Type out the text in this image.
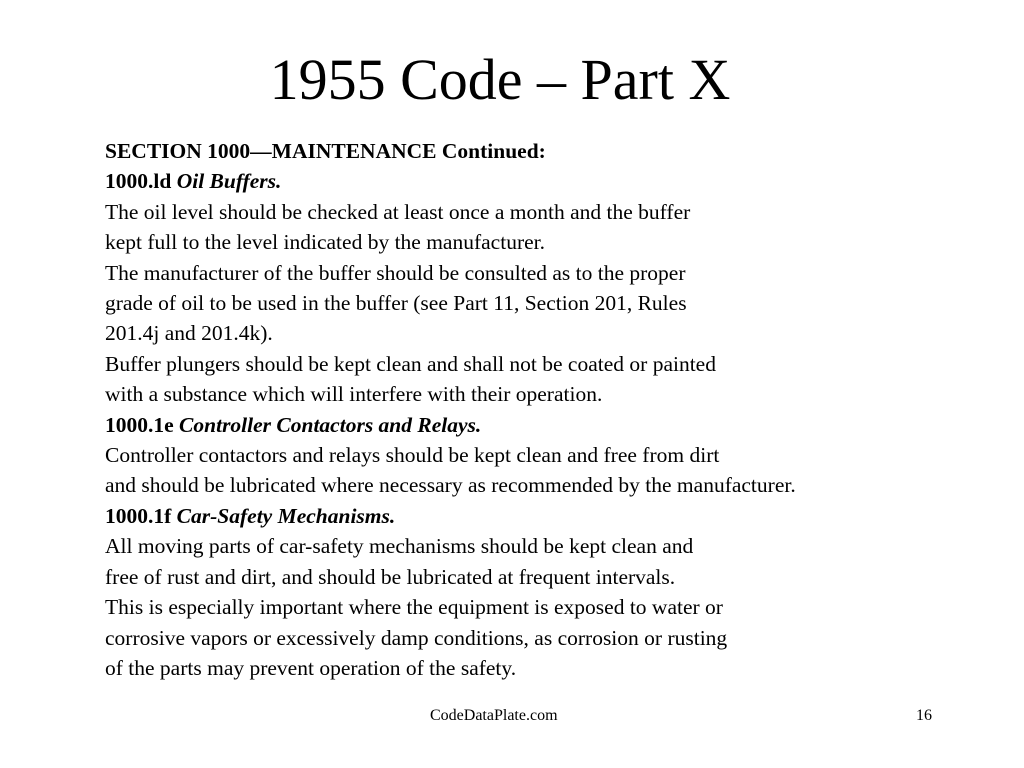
1955 Code – Part X
SECTION 1000—MAINTENANCE Continued:
1000.ld Oil Buffers.
The oil level should be checked at least once a month and the buffer
kept full to the level indicated by the manufacturer.
The manufacturer of the buffer should be consulted as to the proper
grade of oil to be used in the buffer (see Part 11, Section 201, Rules
201.4j and 201.4k).
Buffer plungers should be kept clean and shall not be coated or painted
with a substance which will interfere with their operation.
1000.1e Controller Contactors and Relays.
Controller contactors and relays should be kept clean and free from dirt
and should be lubricated where necessary as recommended by the manufacturer.
1000.1f Car-Safety Mechanisms.
All moving parts of car-safety mechanisms should be kept clean and
free of rust and dirt, and should be lubricated at frequent intervals.
This is especially important where the equipment is exposed to water or
corrosive vapors or excessively damp conditions, as corrosion or rusting
of the parts may prevent operation of the safety.
CodeDataPlate.com	16
